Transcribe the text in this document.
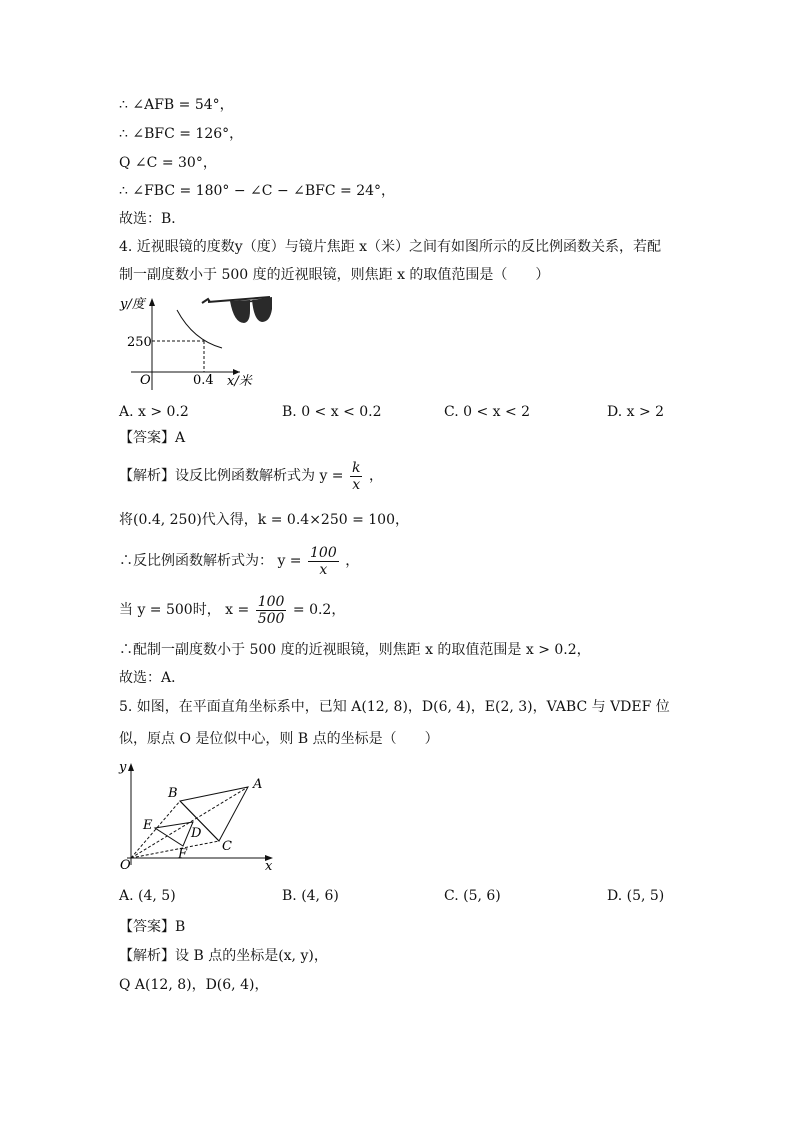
∴ ∠AFB = 54°，
∴ ∠BFC = 126°，
Q ∠C = 30°，
∴ ∠FBC = 180° − ∠C − ∠BFC = 24°，
故选：B．
4. 近视眼镜的度数y（度）与镜片焦距 x（米）之间有如图所示的反比例函数关系，若配
制一副度数小于 500 度的近视眼镜，则焦距 x 的取值范围是（　　）
y/度
250
O	0.4 x/米
A. x > 0.2	B. 0 < x < 0.2	C. 0 < x < 2	D. x > 2
【答案】A
【解析】设反比例函数解析式为 $y = \frac{k}{x}$ ，
将(0.4, 250)代入得，k = 0.4×250 = 100，
∴反比例函数解析式为： $y = \frac{100}{x}$ ，
当 y = 500时， $x = \frac{100}{500} = 0.2$，
∴配制一副度数小于 500 度的近视眼镜，则焦距 x 的取值范围是 x > 0.2，
故选：A．
5. 如图，在平面直角坐标系中，已知 A(12, 8)，D(6, 4)，E(2, 3)，VABC 与 VDEF 位
似，原点 O 是位似中心，则 B 点的坐标是（　　）
y
x
O
A
B
C
D
E
F
A. (4, 5)	B. (4, 6)	C. (5, 6)	D. (5, 5)
【答案】B
【解析】设 B 点的坐标是(x, y)，
Q A(12, 8)，D(6, 4)，
